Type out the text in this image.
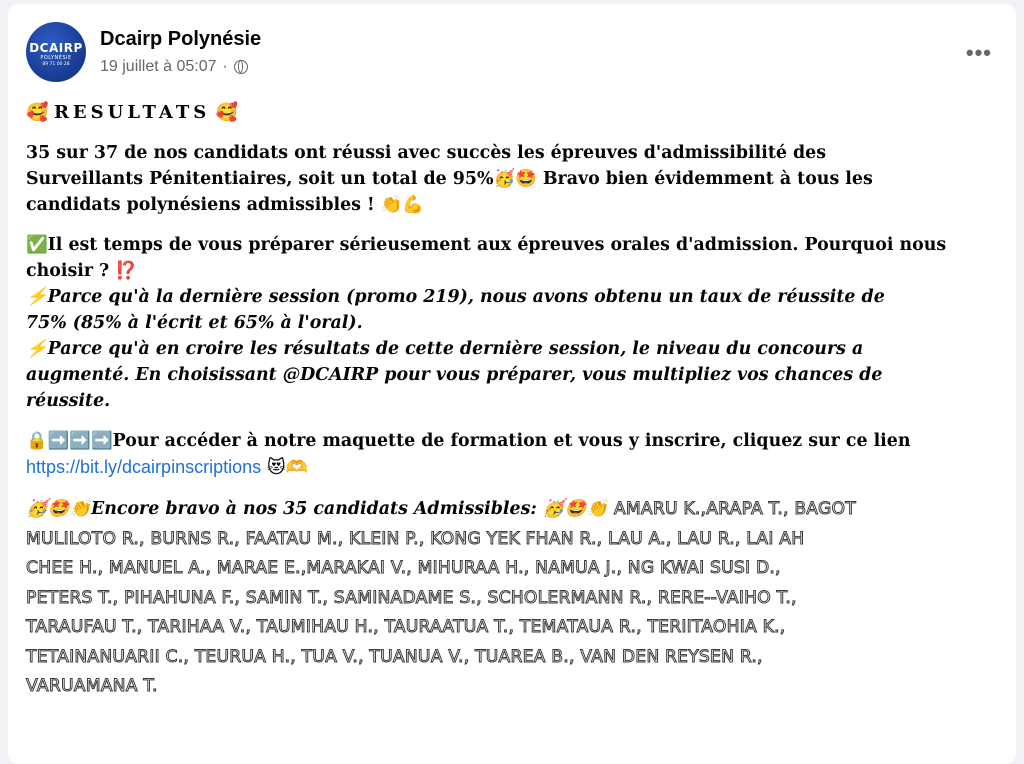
DCAIRP
POLYNÉSIE
89 71 00 28
Dcairp Polynésie
19 juillet à 05:07 ·
•••
🥰 RESULTATS 🥰
35 sur 37 de nos candidats ont réussi avec succès les épreuves d'admissibilité des
Surveillants Pénitentiaires, soit un total de 95%🥳🤩 Bravo bien évidemment à tous les
candidats polynésiens admissibles ! 👏💪
✅Il est temps de vous préparer sérieusement aux épreuves orales d'admission. Pourquoi nous
choisir ? ⁉️
⚡Parce qu'à la dernière session (promo 219), nous avons obtenu un taux de réussite de
75% (85% à l'écrit et 65% à l'oral).
⚡Parce qu'à en croire les résultats de cette dernière session, le niveau du concours a
augmenté. En choisissant @DCAIRP pour vous préparer, vous multipliez vos chances de
réussite.
🔒➡️➡️➡️Pour accéder à notre maquette de formation et vous y inscrire, cliquez sur ce lien
https://bit.ly/dcairpinscriptions 😻🫶
🥳🤩👏Encore bravo à nos 35 candidats Admissibles: 🥳🤩👏 AMARU K.,ARAPA T., BAGOT
MULILOTO R., BURNS R., FAATAU M., KLEIN P., KONG YEK FHAN R., LAU A., LAU R., LAI AH
CHEE H., MANUEL A., MARAE E.,MARAKAI V., MIHURAA H., NAMUA J., NG KWAI SUSI D.,
PETERS T., PIHAHUNA F., SAMIN T., SAMINADAME S., SCHOLERMANN R., RERE--VAIHO T.,
TARAUFAU T., TARIHAA V., TAUMIHAU H., TAURAATUA T., TEMATAUA R., TERIITAOHIA K.,
TETAINANUARII C., TEURUA H., TUA V., TUANUA V., TUAREA B., VAN DEN REYSEN R.,
VARUAMANA T.
